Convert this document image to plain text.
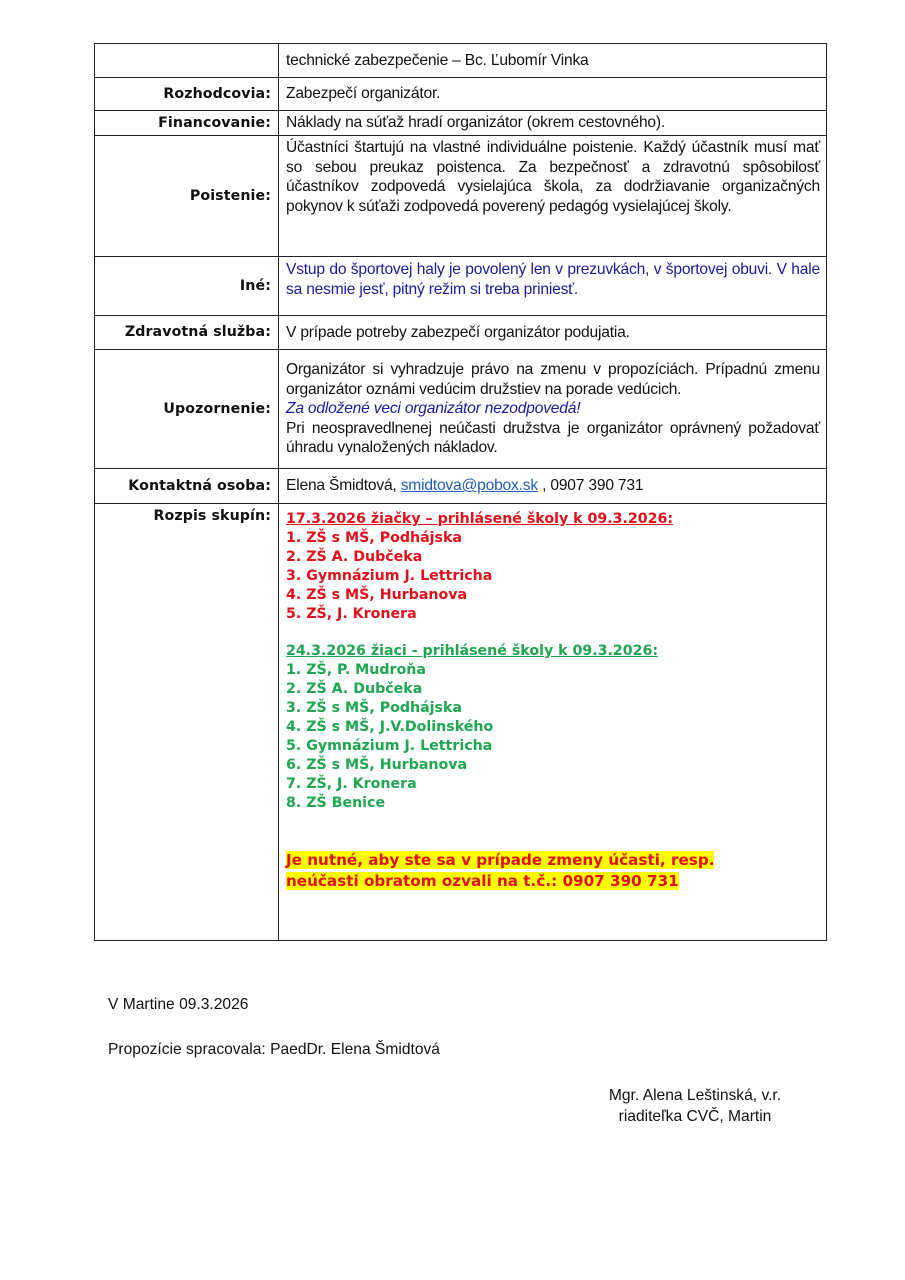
	technické zabezpečenie – Bc. Ľubomír Vinka
Rozhodcovia:	Zabezpečí organizátor.
Financovanie:	Náklady na súťaž hradí organizátor (okrem cestovného).
Poistenie:	Účastníci štartujú na vlastné individuálne poistenie. Každý účastník musí mať so sebou preukaz poistenca. Za bezpečnosť a zdravotnú spôsobilosť účastníkov zodpovedá vysielajúca škola, za dodržiavanie organizačných pokynov k súťaži zodpovedá poverený pedagóg vysielajúcej školy.
Iné:	Vstup do športovej haly je povolený len v prezuvkách, v športovej obuvi. V hale sa nesmie jesť, pitný režim si treba priniesť.
Zdravotná služba:	V prípade potreby zabezpečí organizátor podujatia.
Upozornenie:	Organizátor si vyhradzuje právo na zmenu v propozíciách. Prípadnú zmenu organizátor oznámi vedúcim družstiev na porade vedúcich.
Za odložené veci organizátor nezodpovedá!
Pri neospravedlnenej neúčasti družstva je organizátor oprávnený požadovať úhradu vynaložených nákladov.

Kontaktná osoba:	Elena Šmidtová, smidtova@pobox.sk , 0907 390 731
Rozpis skupín:	17.3.2026 žiačky – prihlásené školy k 09.3.2026:
1. ZŠ s MŠ, Podhájska
2. ZŠ A. Dubčeka
3. Gymnázium J. Lettricha
4. ZŠ s MŠ, Hurbanova
5. ZŠ, J. Kronera
24.3.2026 žiaci - prihlásené školy k 09.3.2026:
1. ZŠ, P. Mudroňa
2. ZŠ A. Dubčeka
3. ZŠ s MŠ, Podhájska
4. ZŠ s MŠ, J.V.Dolinského
5. Gymnázium J. Lettricha
6. ZŠ s MŠ, Hurbanova
7. ZŠ, J. Kronera
8. ZŠ Benice
Je nutné, aby ste sa v prípade zmeny účasti, resp.
neúčasti obratom ozvali na t.č.: 0907 390 731
V Martine 09.3.2026
Propozície spracovala: PaedDr. Elena Šmidtová
Mgr. Alena Leštinská, v.r.
riaditeľka CVČ, Martin
